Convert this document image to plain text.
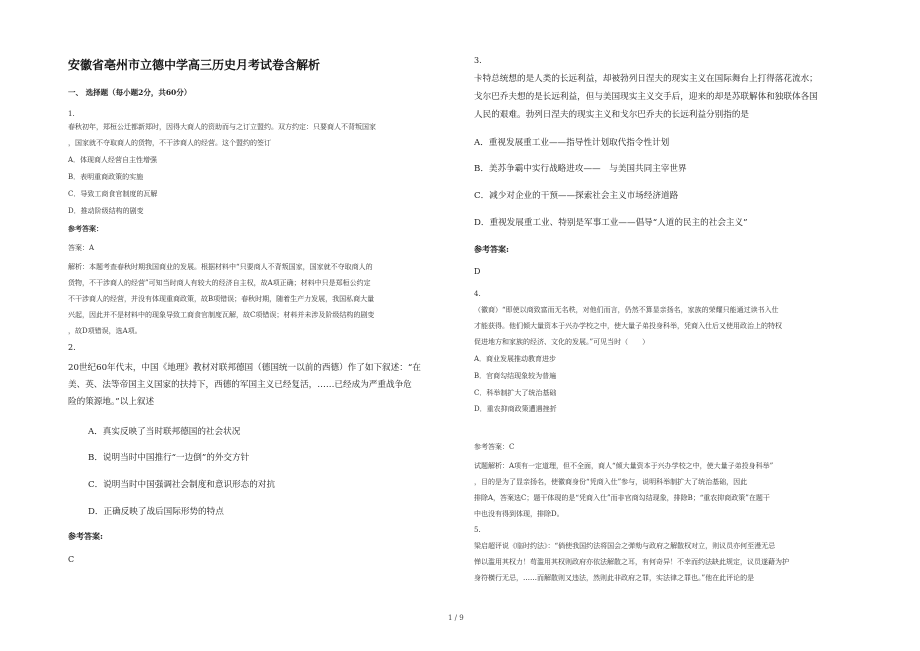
安徽省亳州市立德中学高三历史月考试卷含解析
一、 选择题（每小题2分，共60分）
1.
春秋初年，郑桓公迁都新郑时，因得大商人的资助而与之订立盟约。双方约定：只要商人不背叛国家
，国家就不夺取商人的货物，不干涉商人的经营。这个盟约的签订
A．体现商人经营自主性增强
B．表明重商政策的实施
C．导致工商食官制度的瓦解
D．推动阶级结构的剧变
参考答案：
答案：A
解析：本题考查春秋时期我国商业的发展。根据材料中“只要商人不背叛国家，国家就不夺取商人的
货物，不干涉商人的经营”可知当时商人有较大的经济自主权，故A项正确；材料中只是郑桓公约定
不干涉商人的经营，并没有体现重商政策，故B项错误；春秋时期，随着生产力发展，我国私商大量
兴起，因此并不是材料中的现象导致工商食官制度瓦解，故C项错误；材料并未涉及阶级结构的剧变
，故D项错误，选A项。
2.
20世纪60年代末，中国《地理》教材对联邦德国（德国统一以前的西德）作了如下叙述：“在
美、英、法等帝国主义国家的扶持下，西德的军国主义已经复活，……已经成为严重战争危
险的策源地。”以上叙述
A．真实反映了当时联邦德国的社会状况
B．说明当时中国推行“一边倒”的外交方针
C．说明当时中国强调社会制度和意识形态的对抗
D．正确反映了战后国际形势的特点
参考答案:
C
3.
卡特总统想的是人类的长远利益，却被勃列日涅夫的现实主义在国际舞台上打得落花流水；
戈尔巴乔夫想的是长远利益，但与美国现实主义交手后，迎来的却是苏联解体和独联体各国
人民的艰难。勃列日涅夫的现实主义和戈尔巴乔夫的长远利益分别指的是
A．重视发展重工业——指导性计划取代指令性计划
B．美苏争霸中实行战略进攻——　与美国共同主宰世界
C．减少对企业的干预——探索社会主义市场经济道路
D．重视发展重工业、特别是军事工业——倡导“人道的民主的社会主义”
参考答案:
D
4.
（徽商）“即使以商致富而无名秩，对他们而言，仍然不算显亲扬名，家族的荣耀只能通过读书入仕
才能获得。他们倾大量资本于兴办学校之中，使大量子弟投身科举，凭商入仕后又使用政治上的特权
促进地方和家族的经济、文化的发展。”可见当时（　　）
A．商业发展推动教育进步
B．官商勾结现象较为普遍
C．科举制扩大了统治基础
D．重农抑商政策遭遇挫折
参考答案：C
试题解析：A项有一定道理，但不全面，商人“倾大量资本于兴办学校之中，使大量子弟投身科举”
，目的是为了显亲扬名，使徽商身份“凭商入仕”参与，说明科举制扩大了统治基础，因此
排除A，答案选C；题干体现的是“凭商入仕”而非官商勾结现象，排除B；“重农抑商政策”在题干
中也没有得到体现，排除D。
5.
梁启超评说《临时约法》：“倘使我国约法将国会之弹劾与政府之解散权对立，则议员亦何至漫无忌
惮以滥用其权力！苟滥用其权则政府亦依法解散之耳，有何奇异！不幸而约法缺此规定，议员遂藉为护
身符横行无忌，……而解散则又违法，然则此非政府之罪，实法律之罪也。”他在此评论的是
1 / 9
